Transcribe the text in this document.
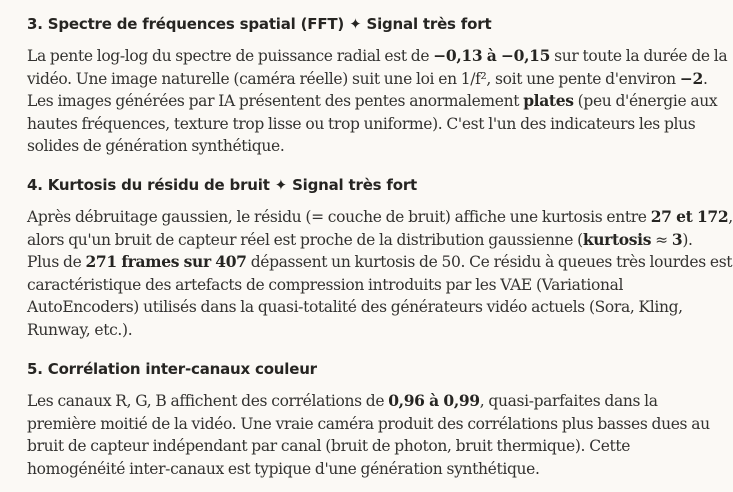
3. Spectre de fréquences spatial (FFT) ✦ Signal très fort

La pente log-log du spectre de puissance radial est de −0,13 à −0,15 sur toute la durée de la
vidéo. Une image naturelle (caméra réelle) suit une loi en 1/f², soit une pente d'environ −2.
Les images générées par IA présentent des pentes anormalement plates (peu d'énergie aux
hautes fréquences, texture trop lisse ou trop uniforme). C'est l'un des indicateurs les plus
solides de génération synthétique.

4. Kurtosis du résidu de bruit ✦ Signal très fort

Après débruitage gaussien, le résidu (= couche de bruit) affiche une kurtosis entre 27 et 172,
alors qu'un bruit de capteur réel est proche de la distribution gaussienne (kurtosis ≈ 3).
Plus de 271 frames sur 407 dépassent un kurtosis de 50. Ce résidu à queues très lourdes est
caractéristique des artefacts de compression introduits par les VAE (Variational
AutoEncoders) utilisés dans la quasi-totalité des générateurs vidéo actuels (Sora, Kling,
Runway, etc.).

5. Corrélation inter-canaux couleur

Les canaux R, G, B affichent des corrélations de 0,96 à 0,99, quasi-parfaites dans la
première moitié de la vidéo. Une vraie caméra produit des corrélations plus basses dues au
bruit de capteur indépendant par canal (bruit de photon, bruit thermique). Cette
homogénéité inter-canaux est typique d'une génération synthétique.
